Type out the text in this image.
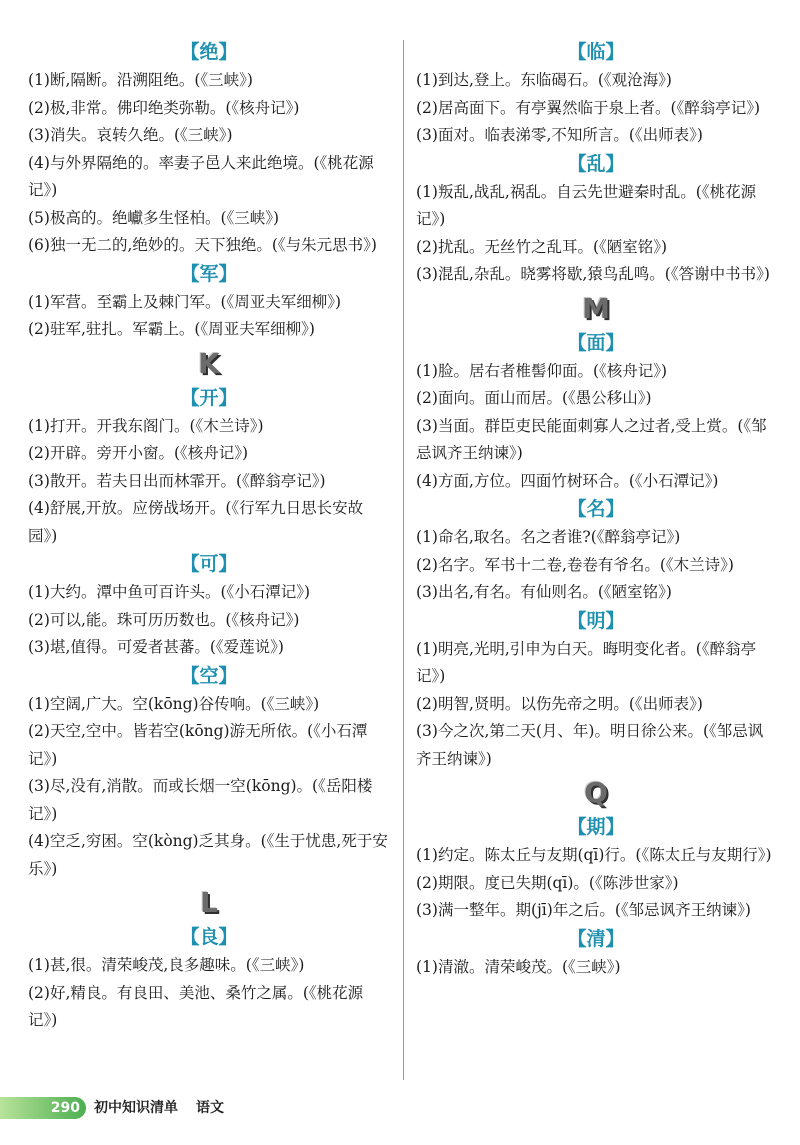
【绝】

(1)断,隔断。沿溯阻绝。(《三峡》)

(2)极,非常。佛印绝类弥勒。(《核舟记》)

(3)消失。哀转久绝。(《三峡》)

(4)与外界隔绝的。率妻子邑人来此绝境。(《桃花源记》)

(5)极高的。绝巘多生怪柏。(《三峡》)

(6)独一无二的,绝妙的。天下独绝。(《与朱元思书》)

【军】

(1)军营。至霸上及棘门军。(《周亚夫军细柳》)

(2)驻军,驻扎。军霸上。(《周亚夫军细柳》)

K
【开】

(1)打开。开我东阁门。(《木兰诗》)

(2)开辟。旁开小窗。(《核舟记》)

(3)散开。若夫日出而林霏开。(《醉翁亭记》)

(4)舒展,开放。应傍战场开。(《行军九日思长安故园》)

【可】

(1)大约。潭中鱼可百许头。(《小石潭记》)

(2)可以,能。珠可历历数也。(《核舟记》)

(3)堪,值得。可爱者甚蕃。(《爱莲说》)

【空】

(1)空阔,广大。空(kōng)谷传响。(《三峡》)

(2)天空,空中。皆若空(kōng)游无所依。(《小石潭记》)

(3)尽,没有,消散。而或长烟一空(kōng)。(《岳阳楼记》)

(4)空乏,穷困。空(kòng)乏其身。(《生于忧患,死于安乐》)

L
【良】

(1)甚,很。清荣峻茂,良多趣味。(《三峡》)

(2)好,精良。有良田、美池、桑竹之属。(《桃花源记》)

【临】

(1)到达,登上。东临碣石。(《观沧海》)

(2)居高面下。有亭翼然临于泉上者。(《醉翁亭记》)

(3)面对。临表涕零,不知所言。(《出师表》)

【乱】

(1)叛乱,战乱,祸乱。自云先世避秦时乱。(《桃花源记》)

(2)扰乱。无丝竹之乱耳。(《陋室铭》)

(3)混乱,杂乱。晓雾将歇,猿鸟乱鸣。(《答谢中书书》)

M
【面】

(1)脸。居右者椎髻仰面。(《核舟记》)

(2)面向。面山而居。(《愚公移山》)

(3)当面。群臣吏民能面刺寡人之过者,受上赏。(《邹忌讽齐王纳谏》)

(4)方面,方位。四面竹树环合。(《小石潭记》)

【名】

(1)命名,取名。名之者谁?(《醉翁亭记》)

(2)名字。军书十二卷,卷卷有爷名。(《木兰诗》)

(3)出名,有名。有仙则名。(《陋室铭》)

【明】

(1)明亮,光明,引申为白天。晦明变化者。(《醉翁亭记》)

(2)明智,贤明。以伤先帝之明。(《出师表》)

(3)今之次,第二天(月、年)。明日徐公来。(《邹忌讽齐王纳谏》)

Q
【期】

(1)约定。陈太丘与友期(qī)行。(《陈太丘与友期行》)

(2)期限。度已失期(qī)。(《陈涉世家》)

(3)满一整年。期(jī)年之后。(《邹忌讽齐王纳谏》)

【清】

(1)清澈。清荣峻茂。(《三峡》)

290	初中知识清单 语文
